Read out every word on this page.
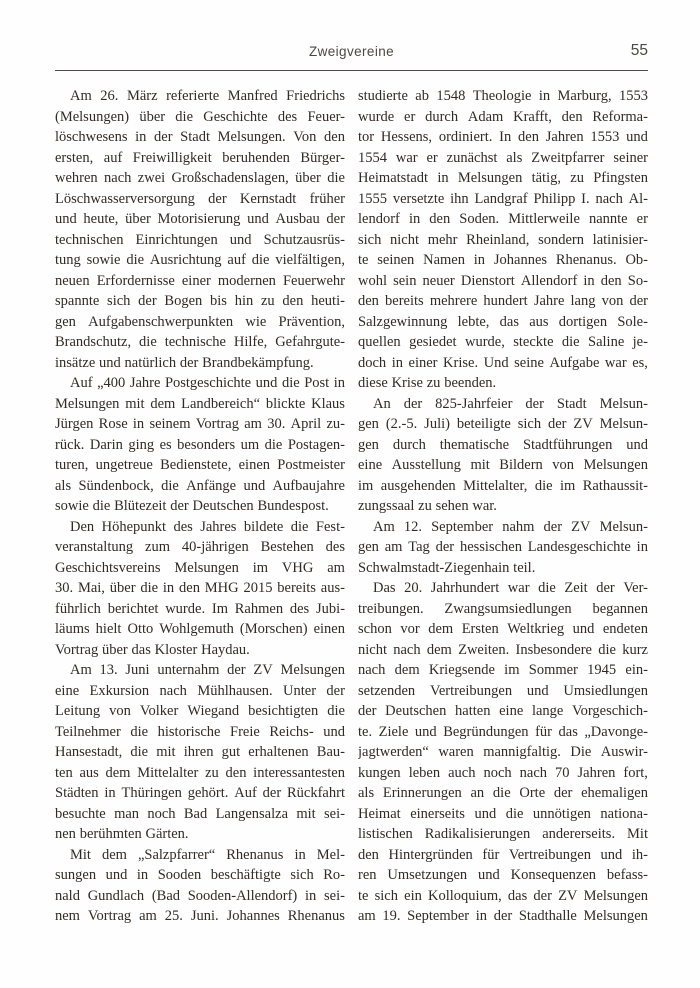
Zweigvereine	55
Am 26. März referierte Manfred Friedrichs
(Melsungen) über die Geschichte des Feuer-
löschwesens in der Stadt Melsungen. Von den
ersten, auf Freiwilligkeit beruhenden Bürger-
wehren nach zwei Großschadenslagen, über die
Löschwasserversorgung der Kernstadt früher
und heute, über Motorisierung und Ausbau der
technischen Einrichtungen und Schutzausrüs-
tung sowie die Ausrichtung auf die vielfältigen,
neuen Erfordernisse einer modernen Feuerwehr
spannte sich der Bogen bis hin zu den heuti-
gen Aufgabenschwerpunkten wie Prävention,
Brandschutz, die technische Hilfe, Gefahrgute-
insätze und natürlich der Brandbekämpfung.
Auf „400 Jahre Postgeschichte und die Post in
Melsungen mit dem Landbereich“ blickte Klaus
Jürgen Rose in seinem Vortrag am 30. April zu-
rück. Darin ging es besonders um die Postagen-
turen, ungetreue Bedienstete, einen Postmeister
als Sündenbock, die Anfänge und Aufbaujahre
sowie die Blütezeit der Deutschen Bundespost.
Den Höhepunkt des Jahres bildete die Fest-
veranstaltung zum 40-jährigen Bestehen des
Geschichtsvereins Melsungen im VHG am
30. Mai, über die in den MHG 2015 bereits aus-
führlich berichtet wurde. Im Rahmen des Jubi-
läums hielt Otto Wohlgemuth (Morschen) einen
Vortrag über das Kloster Haydau.
Am 13. Juni unternahm der ZV Melsungen
eine Exkursion nach Mühlhausen. Unter der
Leitung von Volker Wiegand besichtigten die
Teilnehmer die historische Freie Reichs- und
Hansestadt, die mit ihren gut erhaltenen Bau-
ten aus dem Mittelalter zu den interessantesten
Städten in Thüringen gehört. Auf der Rückfahrt
besuchte man noch Bad Langensalza mit sei-
nen berühmten Gärten.
Mit dem „Salzpfarrer“ Rhenanus in Mel-
sungen und in Sooden beschäftigte sich Ro-
nald Gundlach (Bad Sooden-Allendorf) in sei-
nem Vortrag am 25. Juni. Johannes Rhenanus
studierte ab 1548 Theologie in Marburg, 1553
wurde er durch Adam Krafft, den Reforma-
tor Hessens, ordiniert. In den Jahren 1553 und
1554 war er zunächst als Zweitpfarrer seiner
Heimatstadt in Melsungen tätig, zu Pfingsten
1555 versetzte ihn Landgraf Philipp I. nach Al-
lendorf in den Soden. Mittlerweile nannte er
sich nicht mehr Rheinland, sondern latinisier-
te seinen Namen in Johannes Rhenanus. Ob-
wohl sein neuer Dienstort Allendorf in den So-
den bereits mehrere hundert Jahre lang von der
Salzgewinnung lebte, das aus dortigen Sole-
quellen gesiedet wurde, steckte die Saline je-
doch in einer Krise. Und seine Aufgabe war es,
diese Krise zu beenden.
An der 825-Jahrfeier der Stadt Melsun-
gen (2.-5. Juli) beteiligte sich der ZV Melsun-
gen durch thematische Stadtführungen und
eine Ausstellung mit Bildern von Melsungen
im ausgehenden Mittelalter, die im Rathaussit-
zungssaal zu sehen war.
Am 12. September nahm der ZV Melsun-
gen am Tag der hessischen Landesgeschichte in
Schwalmstadt-Ziegenhain teil.
Das 20. Jahrhundert war die Zeit der Ver-
treibungen. Zwangsumsiedlungen begannen
schon vor dem Ersten Weltkrieg und endeten
nicht nach dem Zweiten. Insbesondere die kurz
nach dem Kriegsende im Sommer 1945 ein-
setzenden Vertreibungen und Umsiedlungen
der Deutschen hatten eine lange Vorgeschich-
te. Ziele und Begründungen für das „Davonge-
jagtwerden“ waren mannigfaltig. Die Auswir-
kungen leben auch noch nach 70 Jahren fort,
als Erinnerungen an die Orte der ehemaligen
Heimat einerseits und die unnötigen nationa-
listischen Radikalisierungen andererseits. Mit
den Hintergründen für Vertreibungen und ih-
ren Umsetzungen und Konsequenzen befass-
te sich ein Kolloquium, das der ZV Melsungen
am 19. September in der Stadthalle Melsungen
